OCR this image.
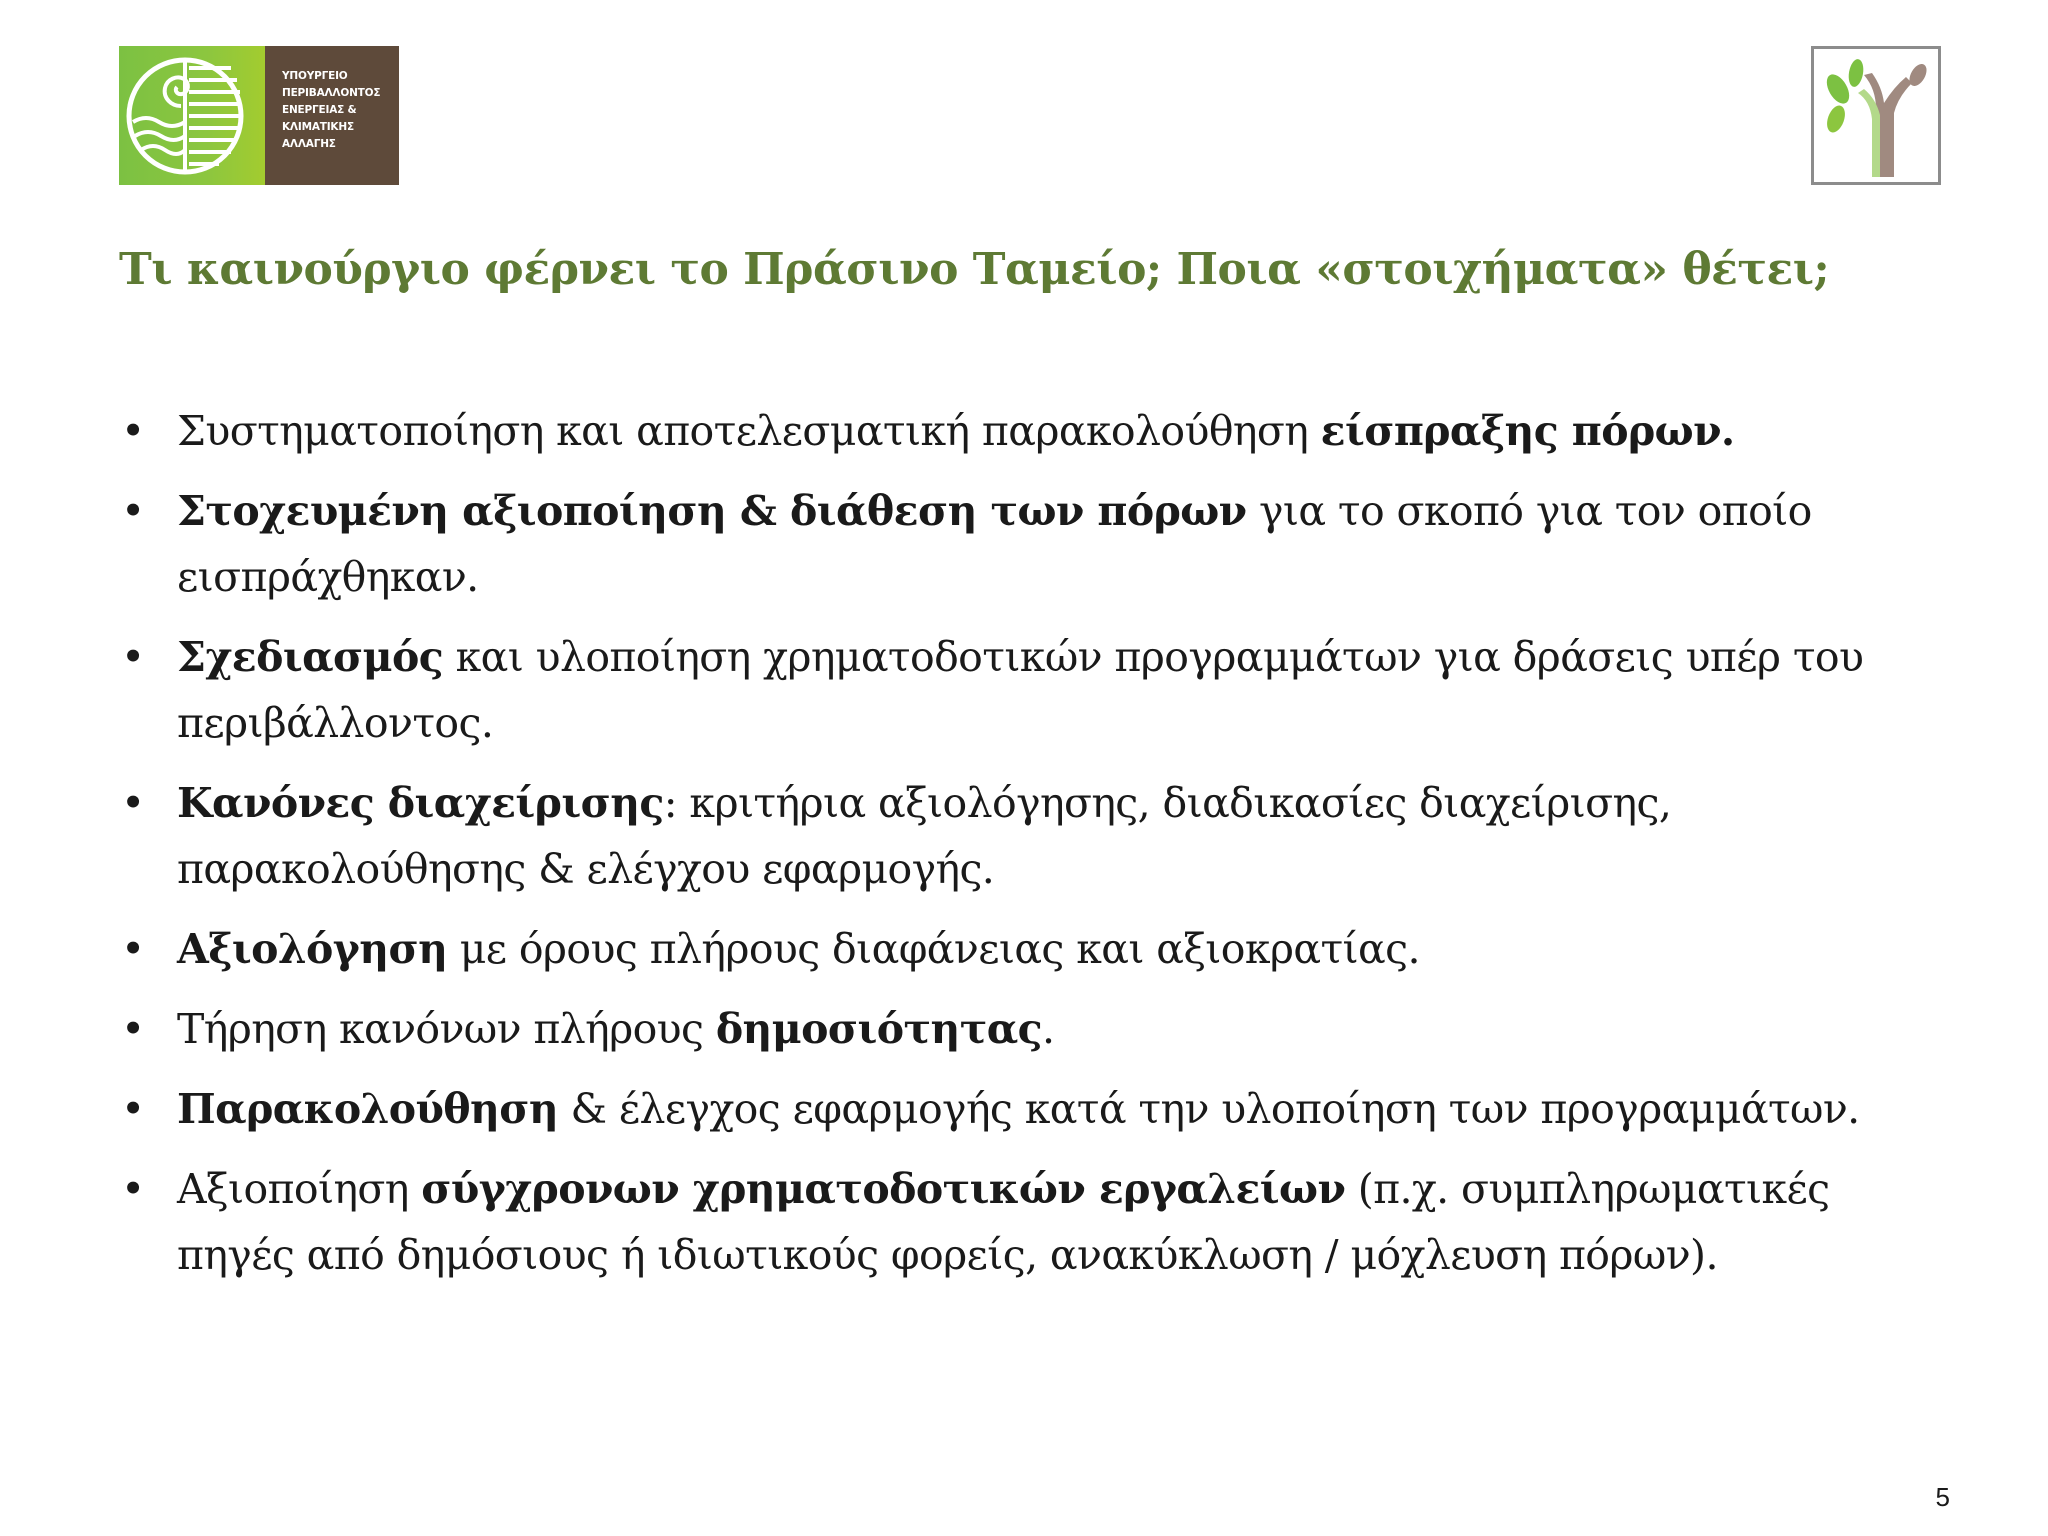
ΥΠΟΥΡΓΕΙΟ
ΠΕΡΙΒΑΛΛΟΝΤΟΣ
ΕΝΕΡΓΕΙΑΣ &
ΚΛΙΜΑΤΙΚΗΣ
ΑΛΛΑΓΗΣ
Τι καινούργιο φέρνει το Πράσινο Ταμείο; Ποια «στοιχήματα» θέτει;
• Συστηματοποίηση και αποτελεσματική παρακολούθηση είσπραξης πόρων.
• Στοχευμένη αξιοποίηση & διάθεση των πόρων για το σκοπό για τον οποίο εισπράχθηκαν.
• Σχεδιασμός και υλοποίηση χρηματοδοτικών προγραμμάτων για δράσεις υπέρ του περιβάλλοντος.
• Κανόνες διαχείρισης: κριτήρια αξιολόγησης, διαδικασίες διαχείρισης, παρακολούθησης & ελέγχου εφαρμογής.
• Αξιολόγηση με όρους πλήρους διαφάνειας και αξιοκρατίας.
• Τήρηση κανόνων πλήρους δημοσιότητας.
• Παρακολούθηση & έλεγχος εφαρμογής κατά την υλοποίηση των προγραμμάτων.
• Αξιοποίηση σύγχρονων χρηματοδοτικών εργαλείων (π.χ. συμπληρωματικές πηγές από δημόσιους ή ιδιωτικούς φορείς, ανακύκλωση / μόχλευση πόρων).
5
